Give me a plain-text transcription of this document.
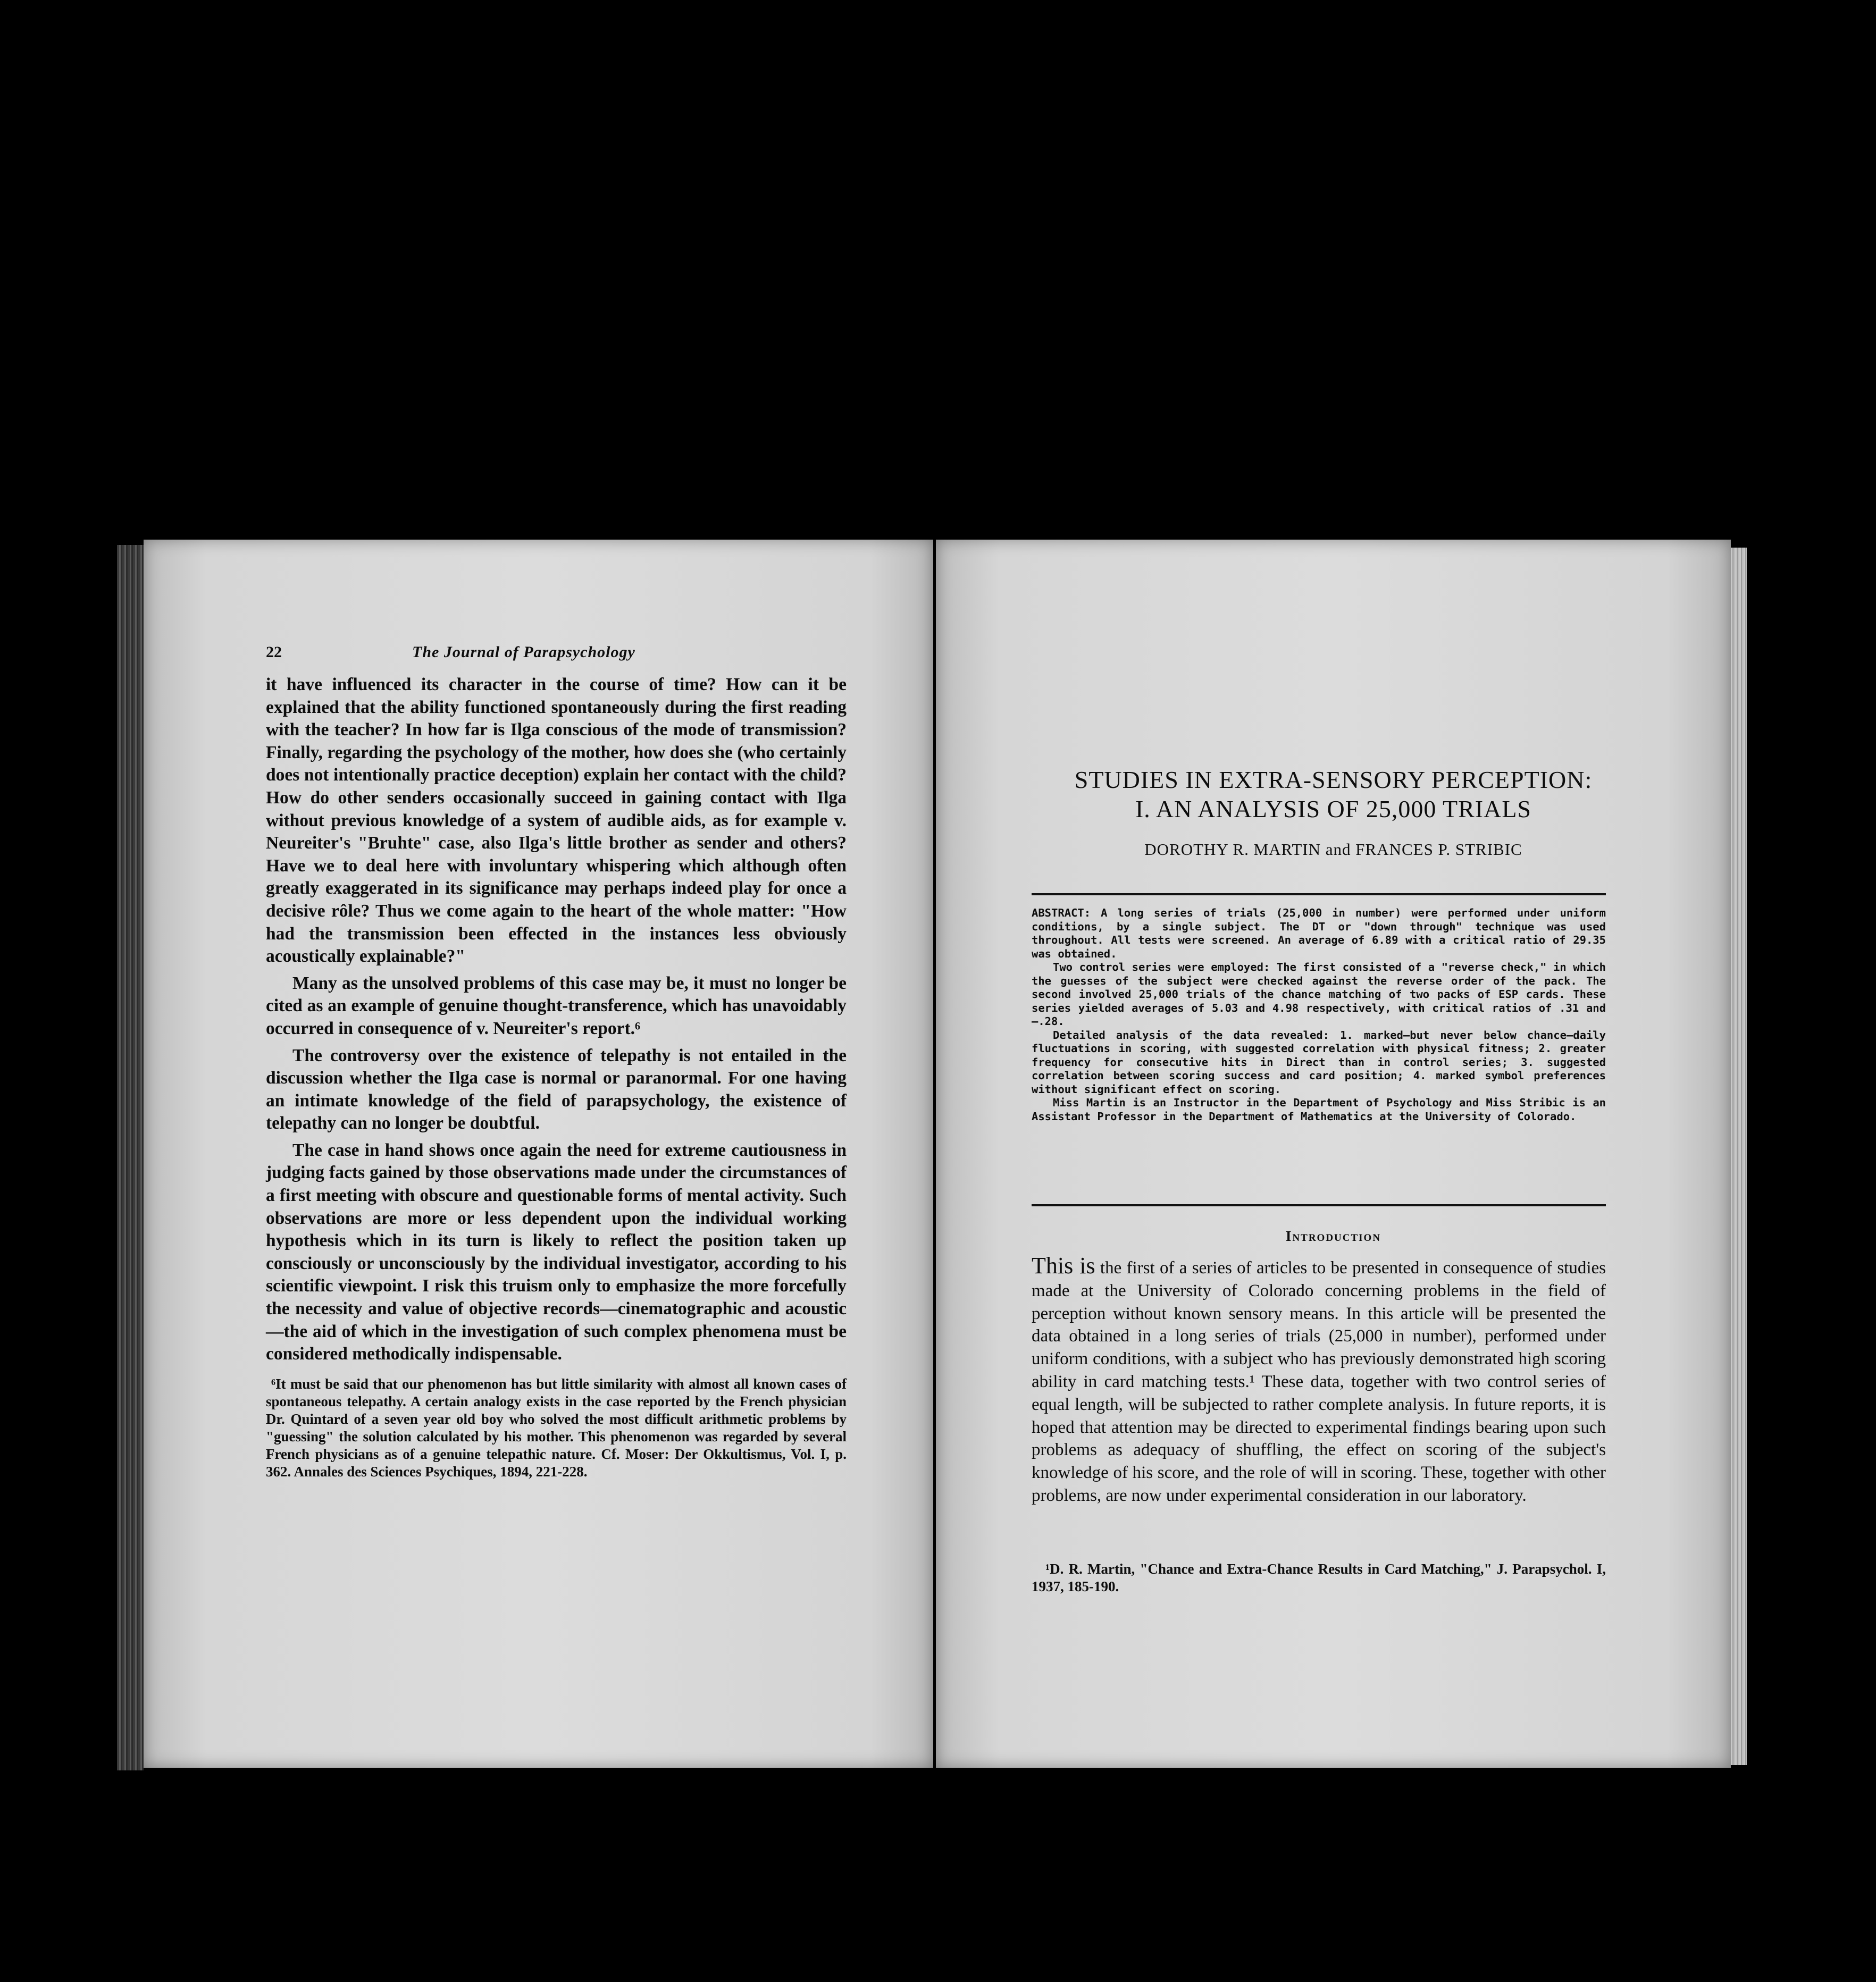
22	The Journal of Parapsychology

it have influenced its character in the course of time? How can it be explained that the ability functioned spontaneously during the first reading with the teacher? In how far is Ilga conscious of the mode of transmission? Finally, regarding the psychology of the mother, how does she (who certainly does not intentionally practice deception) explain her contact with the child? How do other senders occasionally succeed in gaining contact with Ilga without previous knowledge of a system of audible aids, as for example v. Neureiter's "Bruhte" case, also Ilga's little brother as sender and others? Have we to deal here with involuntary whispering which although often greatly exaggerated in its significance may perhaps indeed play for once a decisive rôle? Thus we come again to the heart of the whole matter: "How had the transmission been effected in the instances less obviously acoustically explainable?"

Many as the unsolved problems of this case may be, it must no longer be cited as an example of genuine thought-transference, which has unavoidably occurred in consequence of v. Neureiter's report.⁶

The controversy over the existence of telepathy is not entailed in the discussion whether the Ilga case is normal or paranormal. For one having an intimate knowledge of the field of parapsychology, the existence of telepathy can no longer be doubtful.

The case in hand shows once again the need for extreme cautiousness in judging facts gained by those observations made under the circumstances of a first meeting with obscure and questionable forms of mental activity. Such observations are more or less dependent upon the individual working hypothesis which in its turn is likely to reflect the position taken up consciously or unconsciously by the individual investigator, according to his scientific viewpoint. I risk this truism only to emphasize the more forcefully the necessity and value of objective records—cinematographic and acoustic—the aid of which in the investigation of such complex phenomena must be considered methodically indispensable.

⁶It must be said that our phenomenon has but little similarity with almost all known cases of spontaneous telepathy. A certain analogy exists in the case reported by the French physician Dr. Quintard of a seven year old boy who solved the most difficult arithmetic problems by "guessing" the solution calculated by his mother. This phenomenon was regarded by several French physicians as of a genuine telepathic nature. Cf. Moser: Der Okkultismus, Vol. I, p. 362. Annales des Sciences Psychiques, 1894, 221-228.

STUDIES IN EXTRA-SENSORY PERCEPTION:
I. AN ANALYSIS OF 25,000 TRIALS
DOROTHY R. MARTIN and FRANCES P. STRIBIC

ABSTRACT: A long series of trials (25,000 in number) were performed under uniform conditions, by a single subject. The DT or "down through" technique was used throughout. All tests were screened. An average of 6.89 with a critical ratio of 29.35 was obtained.

Two control series were employed: The first consisted of a "reverse check," in which the guesses of the subject were checked against the reverse order of the pack. The second involved 25,000 trials of the chance matching of two packs of ESP cards. These series yielded averages of 5.03 and 4.98 respectively, with critical ratios of .31 and —.28.

Detailed analysis of the data revealed: 1. marked—but never below chance—daily fluctuations in scoring, with suggested correlation with physical fitness; 2. greater frequency for consecutive hits in Direct than in control series; 3. suggested correlation between scoring success and card position; 4. marked symbol preferences without significant effect on scoring.

Miss Martin is an Instructor in the Department of Psychology and Miss Stribic is an Assistant Professor in the Department of Mathematics at the University of Colorado.

Introduction

This is the first of a series of articles to be presented in consequence of studies made at the University of Colorado concerning problems in the field of perception without known sensory means. In this article will be presented the data obtained in a long series of trials (25,000 in number), performed under uniform conditions, with a subject who has previously demonstrated high scoring ability in card matching tests.¹ These data, together with two control series of equal length, will be subjected to rather complete analysis. In future reports, it is hoped that attention may be directed to experimental findings bearing upon such problems as adequacy of shuffling, the effect on scoring of the subject's knowledge of his score, and the role of will in scoring. These, together with other problems, are now under experimental consideration in our laboratory.

¹D. R. Martin, "Chance and Extra-Chance Results in Card Matching," J. Parapsychol. I, 1937, 185-190.
